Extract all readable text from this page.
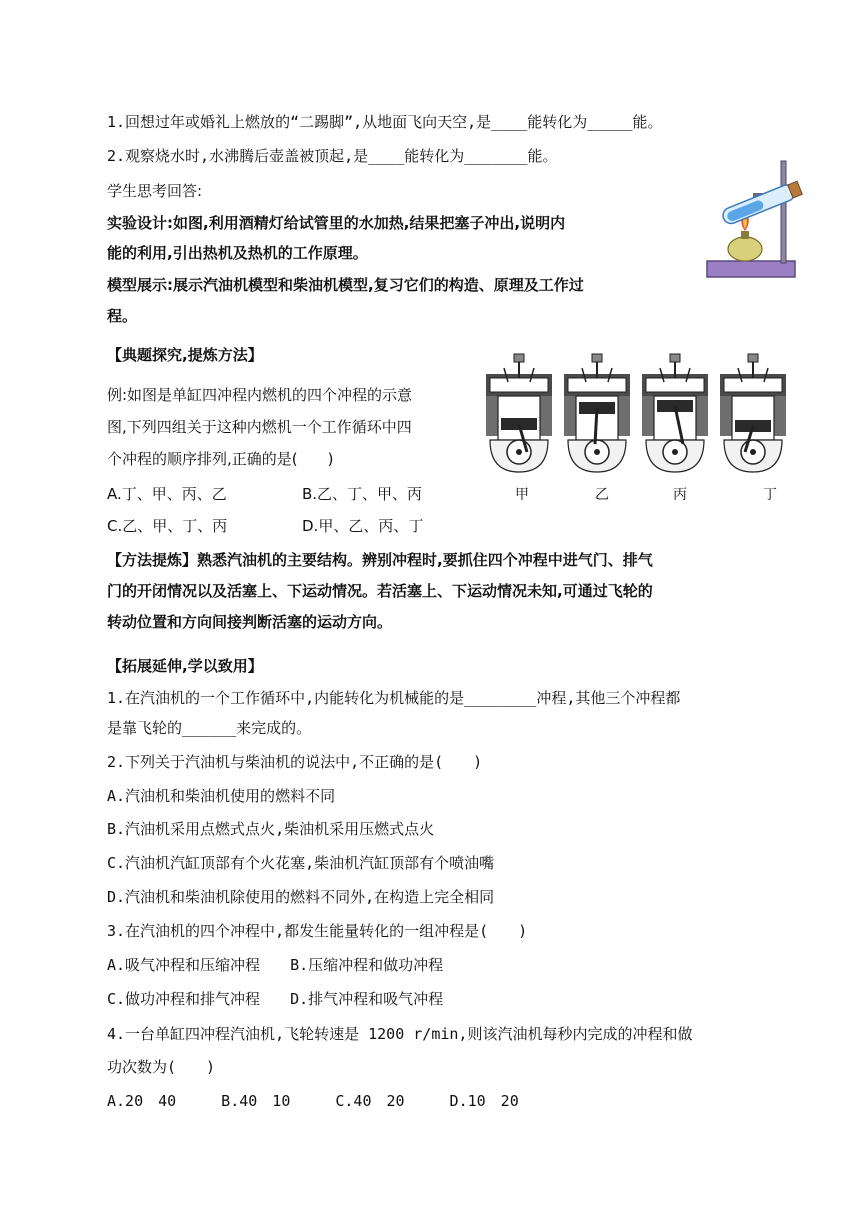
1.回想过年或婚礼上燃放的“二踢脚”,从地面飞向天空,是____能转化为_____能。
2.观察烧水时,水沸腾后壶盖被顶起,是____能转化为_______能。
学生思考回答:
实验设计:如图,利用酒精灯给试管里的水加热,结果把塞子冲出,说明内
能的利用,引出热机及热机的工作原理。
模型展示:展示汽油机模型和柴油机模型,复习它们的构造、原理及工作过
程。
【典题探究,提炼方法】
例:如图是单缸四冲程内燃机的四个冲程的示意
图,下列四组关于这种内燃机一个工作循环中四
个冲程的顺序排列,正确的是(　　)
A.丁、甲、丙、乙	B.乙、丁、甲、丙
C.乙、甲、丁、丙	D.甲、乙、丙、丁
甲	乙	丙	丁
【方法提炼】熟悉汽油机的主要结构。辨别冲程时,要抓住四个冲程中进气门、排气
门的开闭情况以及活塞上、下运动情况。若活塞上、下运动情况未知,可通过飞轮的
转动位置和方向间接判断活塞的运动方向。
【拓展延伸,学以致用】
1.在汽油机的一个工作循环中,内能转化为机械能的是________冲程,其他三个冲程都
是靠飞轮的______来完成的。
2.下列关于汽油机与柴油机的说法中,不正确的是(　　)
A.汽油机和柴油机使用的燃料不同
B.汽油机采用点燃式点火,柴油机采用压燃式点火
C.汽油机汽缸顶部有个火花塞,柴油机汽缸顶部有个喷油嘴
D.汽油机和柴油机除使用的燃料不同外,在构造上完全相同
3.在汽油机的四个冲程中,都发生能量转化的一组冲程是(　　)
A.吸气冲程和压缩冲程　　B.压缩冲程和做功冲程
C.做功冲程和排气冲程　　D.排气冲程和吸气冲程
4.一台单缸四冲程汽油机,飞轮转速是 1200 r/min,则该汽油机每秒内完成的冲程和做
功次数为(　　)
A.20　40　　　B.40　10　　　C.40　20　　　D.10　20
